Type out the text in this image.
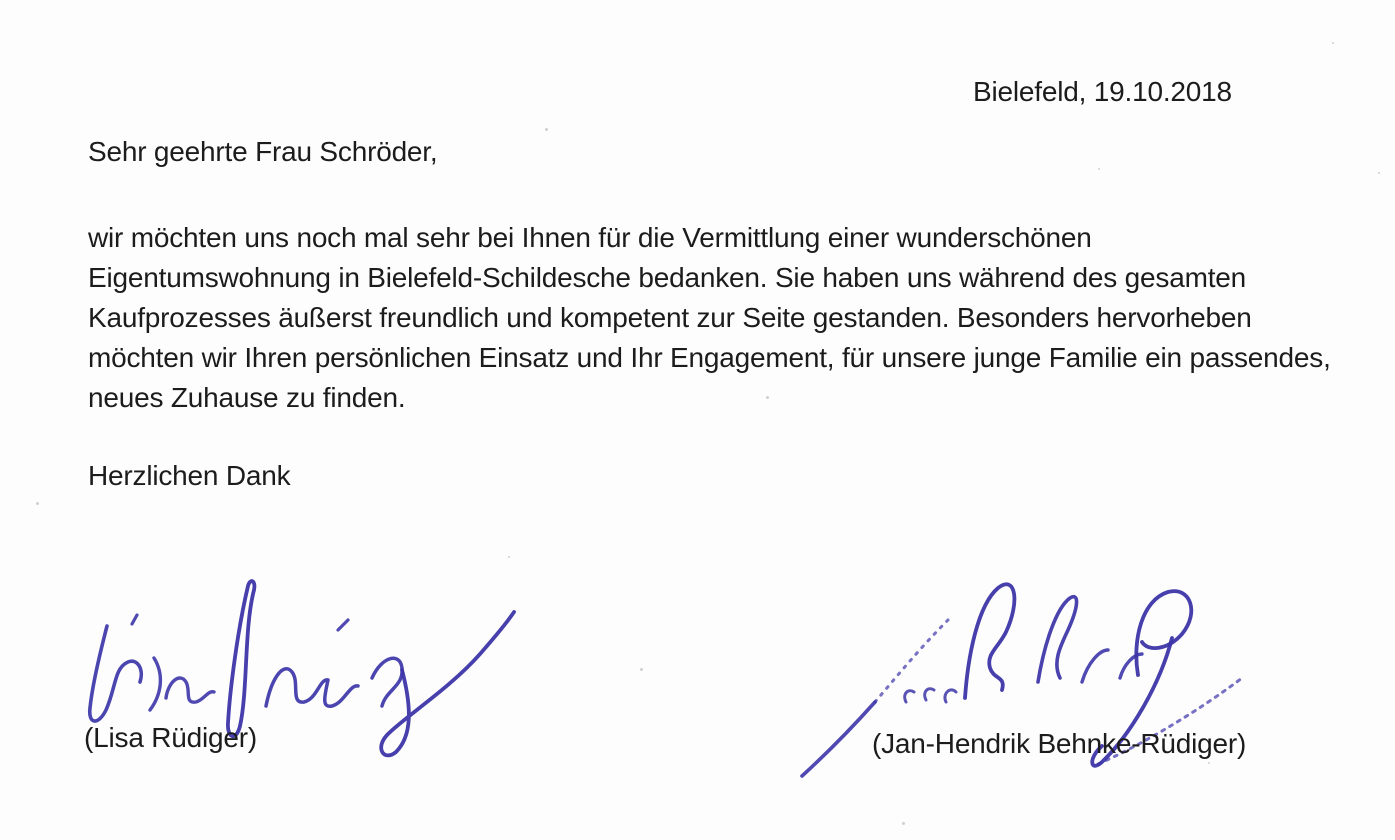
Bielefeld, 19.10.2018
Sehr geehrte Frau Schröder,
wir möchten uns noch mal sehr bei Ihnen für die Vermittlung einer wunderschönen
Eigentumswohnung in Bielefeld-Schildesche bedanken. Sie haben uns während des gesamten
Kaufprozesses äußerst freundlich und kompetent zur Seite gestanden. Besonders hervorheben
möchten wir Ihren persönlichen Einsatz und Ihr Engagement, für unsere junge Familie ein passendes,
neues Zuhause zu finden.
Herzlichen Dank
(Lisa Rüdiger)	(Jan-Hendrik Behnke-Rüdiger)
